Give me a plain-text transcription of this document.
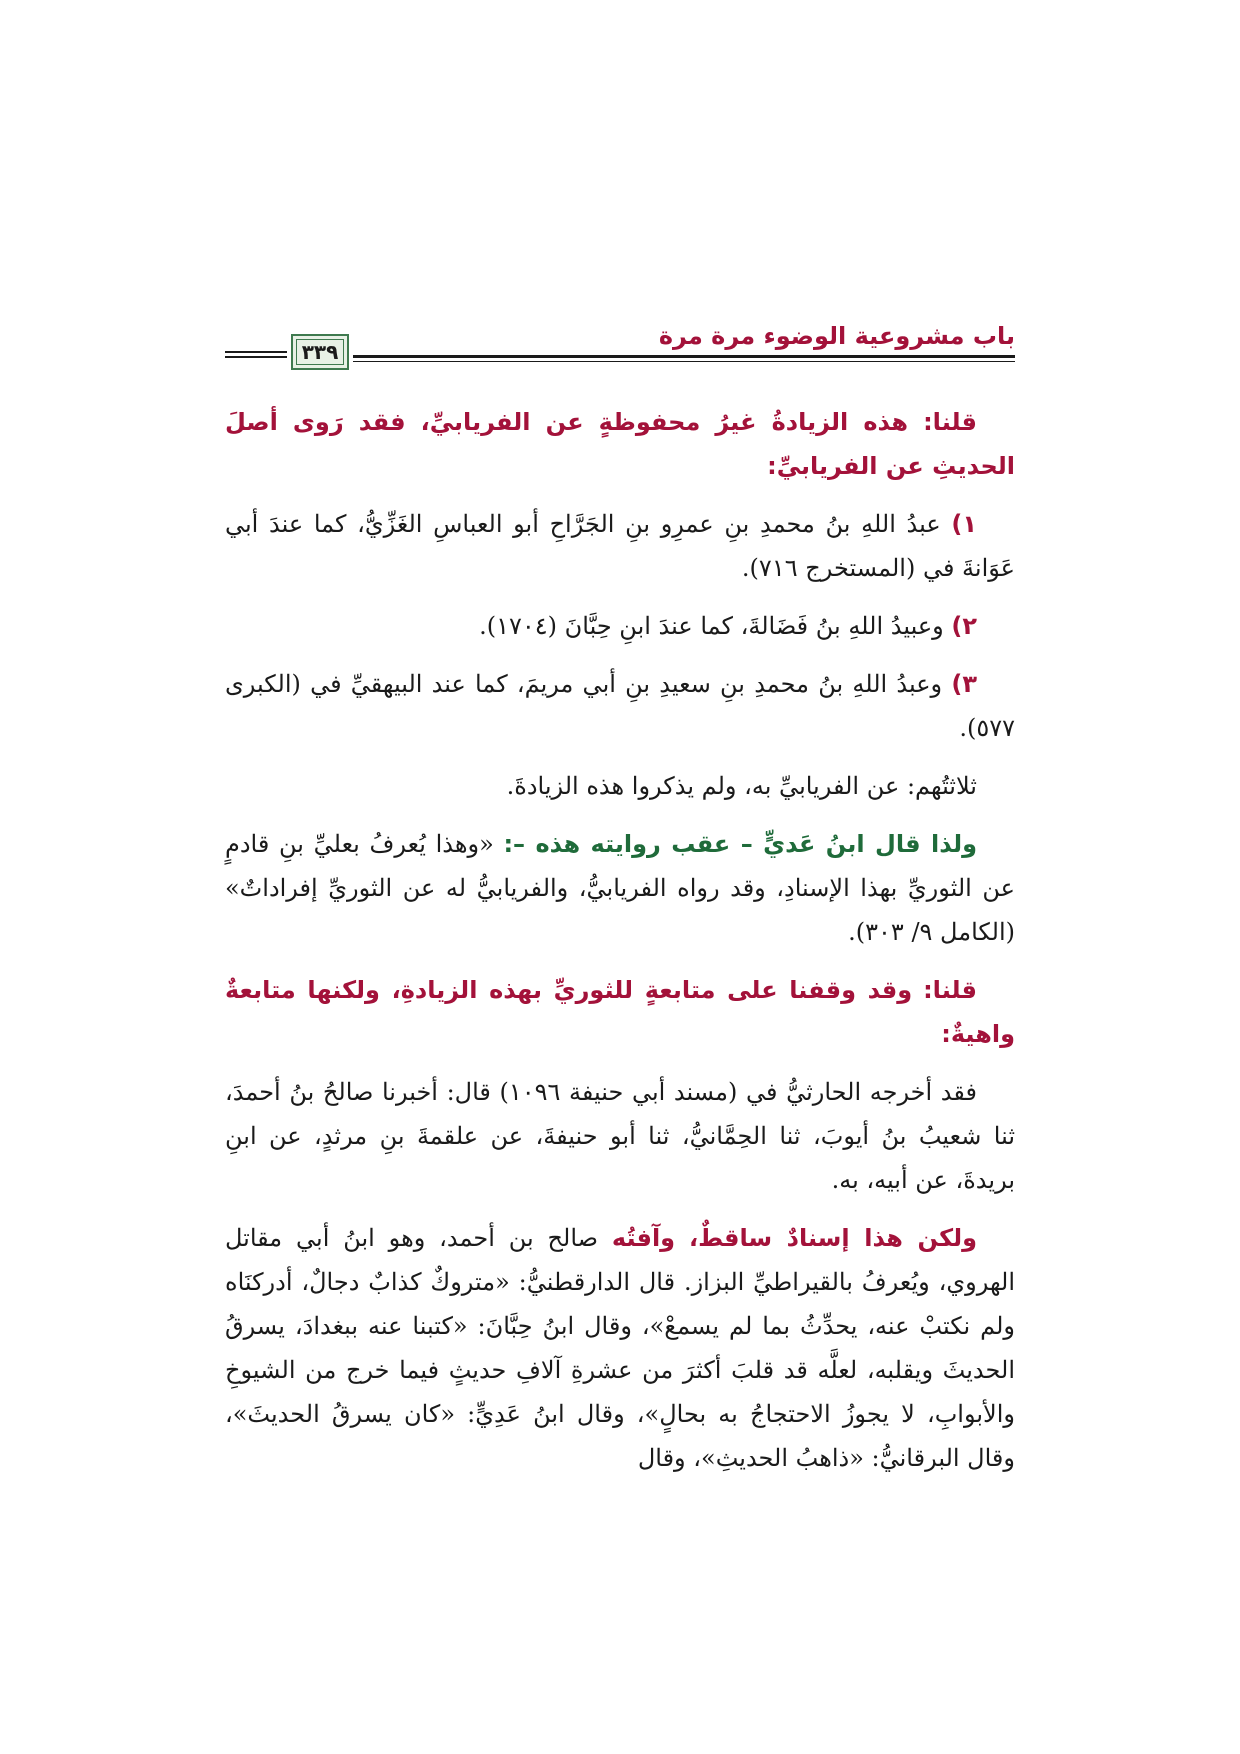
٣٣٩
باب مشروعية الوضوء مرة مرة

قلنا: هذه الزيادةُ غيرُ محفوظةٍ عن الفريابيِّ، فقد رَوى أصلَ الحديثِ عن الفريابيِّ:

١) عبدُ اللهِ بنُ محمدِ بنِ عمرِو بنِ الجَرَّاحِ أبو العباسِ الغَزِّيُّ، كما عندَ أبي عَوَانةَ في (المستخرج ٧١٦).

٢) وعبيدُ اللهِ بنُ فَضَالةَ، كما عندَ ابنِ حِبَّانَ (١٧٠٤).

٣) وعبدُ اللهِ بنُ محمدِ بنِ سعيدِ بنِ أبي مريمَ، كما عند البيهقيِّ في (الكبرى ٥٧٧).

ثلاثتُهم: عن الفريابيِّ به، ولم يذكروا هذه الزيادةَ.

ولذا قال ابنُ عَديٍّ – عقب روايته هذه –: «وهذا يُعرفُ بعليِّ بنِ قادمٍ عن الثوريِّ بهذا الإسنادِ، وقد رواه الفريابيُّ، والفريابيُّ له عن الثوريِّ إفراداتٌ» (الكامل ٩/ ٣٠٣).

قلنا: وقد وقفنا على متابعةٍ للثوريِّ بهذه الزيادةِ، ولكنها متابعةٌ واهيةٌ:

فقد أخرجه الحارثيُّ في (مسند أبي حنيفة ١٠٩٦) قال: أخبرنا صالحُ بنُ أحمدَ، ثنا شعيبُ بنُ أيوبَ، ثنا الحِمَّانيُّ، ثنا أبو حنيفةَ، عن علقمةَ بنِ مرثدٍ، عن ابنِ بريدةَ، عن أبيه، به.

ولكن هذا إسنادٌ ساقطٌ، وآفتُه صالح بن أحمد، وهو ابنُ أبي مقاتل الهروي، ويُعرفُ بالقيراطيِّ البزاز. قال الدارقطنيُّ: «متروكٌ كذابٌ دجالٌ، أدركنَاه ولم نكتبْ عنه، يحدِّثُ بما لم يسمعْ»، وقال ابنُ حِبَّانَ: «كتبنا عنه ببغدادَ، يسرقُ الحديثَ ويقلبه، لعلَّه قد قلبَ أكثرَ من عشرةِ آلافِ حديثٍ فيما خرج من الشيوخِ والأبوابِ، لا يجوزُ الاحتجاجُ به بحالٍ»، وقال ابنُ عَدِيٍّ: «كان يسرقُ الحديثَ»، وقال البرقانيُّ: «ذاهبُ الحديثِ»، وقال
